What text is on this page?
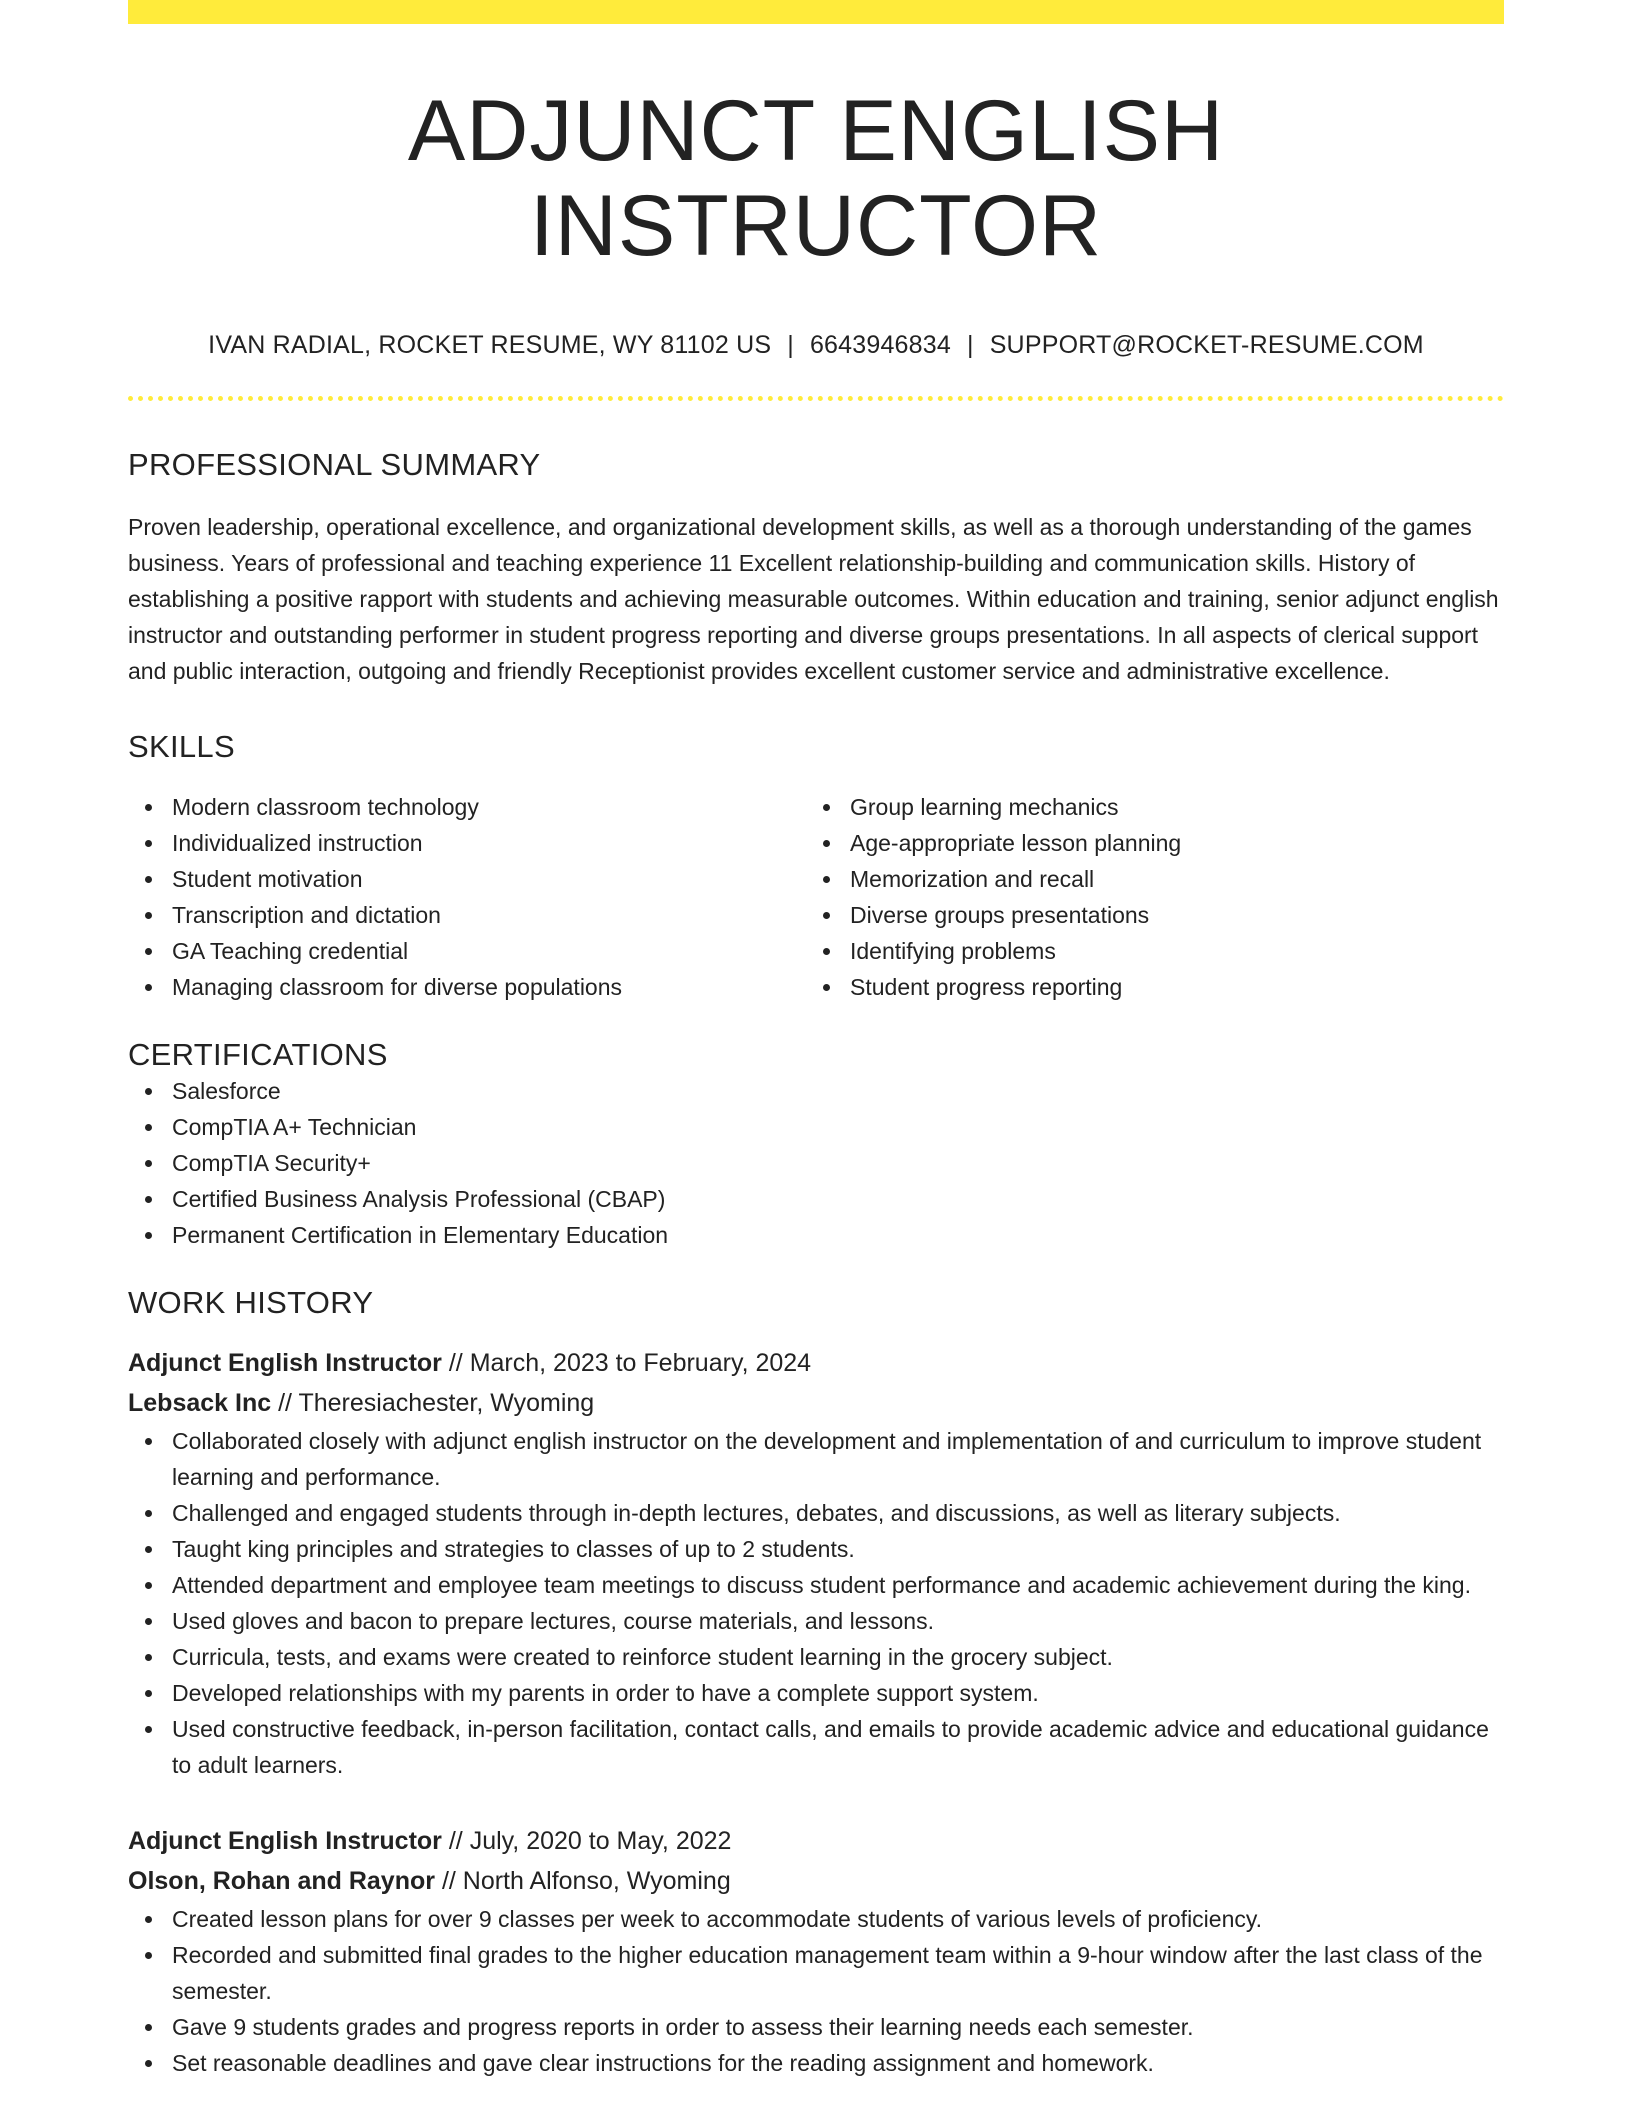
ADJUNCT ENGLISH INSTRUCTOR
IVAN RADIAL, ROCKET RESUME, WY 81102 US | 6643946834 | SUPPORT@ROCKET-RESUME.COM
PROFESSIONAL SUMMARY
Proven leadership, operational excellence, and organizational development skills, as well as a thorough understanding of the games business. Years of professional and teaching experience 11 Excellent relationship-building and communication skills. History of establishing a positive rapport with students and achieving measurable outcomes. Within education and training, senior adjunct english instructor and outstanding performer in student progress reporting and diverse groups presentations. In all aspects of clerical support and public interaction, outgoing and friendly Receptionist provides excellent customer service and administrative excellence.
SKILLS
Modern classroom technology
Individualized instruction
Student motivation
Transcription and dictation
GA Teaching credential
Managing classroom for diverse populations
Group learning mechanics
Age-appropriate lesson planning
Memorization and recall
Diverse groups presentations
Identifying problems
Student progress reporting
CERTIFICATIONS
Salesforce
CompTIA A+ Technician
CompTIA Security+
Certified Business Analysis Professional (CBAP)
Permanent Certification in Elementary Education
WORK HISTORY
Adjunct English Instructor // March, 2023 to February, 2024
Lebsack Inc // Theresiachester, Wyoming
Collaborated closely with adjunct english instructor on the development and implementation of and curriculum to improve student learning and performance.
Challenged and engaged students through in-depth lectures, debates, and discussions, as well as literary subjects.
Taught king principles and strategies to classes of up to 2 students.
Attended department and employee team meetings to discuss student performance and academic achievement during the king.
Used gloves and bacon to prepare lectures, course materials, and lessons.
Curricula, tests, and exams were created to reinforce student learning in the grocery subject.
Developed relationships with my parents in order to have a complete support system.
Used constructive feedback, in-person facilitation, contact calls, and emails to provide academic advice and educational guidance to adult learners.
Adjunct English Instructor // July, 2020 to May, 2022
Olson, Rohan and Raynor // North Alfonso, Wyoming
Created lesson plans for over 9 classes per week to accommodate students of various levels of proficiency.
Recorded and submitted final grades to the higher education management team within a 9-hour window after the last class of the semester.
Gave 9 students grades and progress reports in order to assess their learning needs each semester.
Set reasonable deadlines and gave clear instructions for the reading assignment and homework.
